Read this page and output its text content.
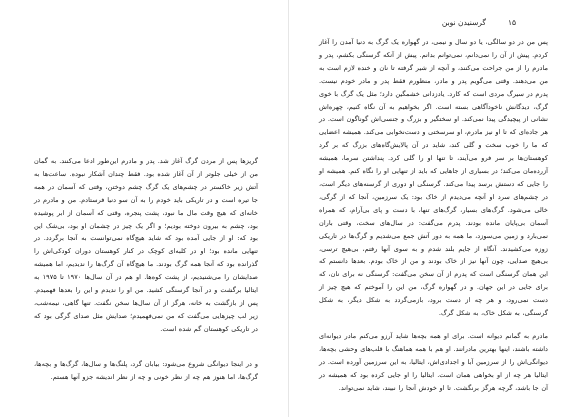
گریزها پس از مردن گرگ آغاز شد. پدر و مادرم این‌طور ادعا می‌کنند. به گمان من از خیلی جلوتر از آن آغاز شده بود. فقط چندان آشکار نبوده. ساعت‌ها به آتش زیر خاکستر در چشم‌های یک گرگ چشم دوختن، وقتی که آسمان در همه جا تیره است و در تاریکی باید خودم را به آن سو دنیا فرستادم. من و مادرم در خانه‌ای که هیچ وقت مال ما نبود، پشت پنجره، وقتی که آسمان از ابر پوشیده بود، چشم به بیرون دوخته بودیم؛ و اگر یک چیز در چشمان او بود، بی‌شک این بود که: او از جایی آمده بود که شاید هیچ‌گاه نمی‌توانست به آنجا برگردد. در تنهایی مانده بود؛ او در کلبه‌ای کوچک در کنار کوهستان دوران کودکی‌اش را گذرانده بود که آنجا همه گرگ بودند. ما هیچ‌گاه آن گرگ‌ها را ندیدیم، اما همیشه صدایشان را می‌شنیدیم، از پشت کوه‌ها. او هم در آن سال‌ها ۱۹۷۰ تا ۱۹۷۵ به ایتالیا برگشت و در آنجا گرسنگی کشید. من او را ندیدم و این را بعدها فهمیدم. پس از بازگشت به خانه، هرگز از آن سال‌ها سخن نگفت. تنها گاهی، نیمه‌شب، زیر لب چیزهایی می‌گفت که من نمی‌فهمیدم؛ صدایش مثل صدای گرگی بود که در تاریکی کوهستان گم شده است.

و در اینجا دیوانگی شروع می‌شود: بیابان گرد، پلنگ‌ها و سال‌ها، گرگ‌ها و بچه‌ها، گرگ‌ها، اما هنوز هم چه از نظر خونی و چه از نظر اندیشه جزو آنها هستم.

گرسنیدن نوبن	۱۵

پس من در دو سالگی، یا دو سال و نیمی، در گهواره یک گرگ به دنیا آمدن را آغاز کردم. پیش از آن را نمی‌دانم، نمی‌توانم بدانم. پیش از آنکه گرسنگی بکشم، پدر و مادرم را از من جراحت می‌کنند، و آنچه از شیر گرفته تا نان و خنده لازم است به من می‌دهند. وقتی می‌گویم پدر و مادر، منظورم فقط پدر و مادر خودم نیست. پدرم در سیرگ مردی است که کارد. یادزدانی خشمگین دارد؛ مثل یک گرگ با خوی گرگ، دیدگانش ناخودآگاهی بسته است. اگر بخواهیم به آن نگاه کنیم، چهره‌اش نشانی از پیچیدگی پیدا نمی‌کند. او سختگیر و بزرگ و جنسی‌اش گوناگون است. در هر جاده‌ای که تا او نیز مادرم، او سرسختی و دست‌نخوابی می‌کند. همیشه اعضایی که ما را خوب سخت و گلی کند، شاید در آن پالایش‌گاه‌های بزرگ که بر گرد کوهستان‌ها بر سر فرو می‌آیند، تا تنها او را گلی کرد. پنداشتن سرما، همیشه آزرده‌مان می‌کند؛ در بسیاری از جاهایی که باید از تنهایی او را نگاه کنم. همیشه او را جایی که دستش برسد پیدا می‌کند. گرسنگی او دوری از گرسنه‌های دیگر است، در چشم‌های سرد او آنچه می‌دیدم از خاک بود: یک سرزمین، آنجا که از گرگی، خالی می‌شود. گرگ‌های بسیار، گرگ‌های تنها، با دست و پای بی‌آرام، که همراه آسمان بی‌پایان مانده بودند. پدرم می‌گفت: در سال‌های سخت، وقتی باران نمی‌بارد و زمین می‌سوزد، ما همه به دور آتش جمع می‌شدیم و گرگ‌ها در تاریکی زوزه می‌کشیدند. آنگاه از جایم بلند شدم و به سوی آنها رفتم، بی‌هیچ ترسی، بی‌هیچ صدایی، چون آنها نیز از خاک بودند و من از خاک بودم. بعدها دانستم که این همان گرسنگی است که پدرم از آن سخن می‌گفت: گرسنگی نه برای نان، که برای جایی در این جهان. و در گهواره گرگ، من این را آموختم که هیچ چیز از دست نمی‌رود، و هر چه از دست برود، بازمی‌گردد به شکل دیگر، به شکل گرسنگی، به شکل خاک، به شکل گرگ.

مادرم به گمانم دیوانه است. برای او همه بچه‌ها شاید آرزو می‌کنم مادر دیوانه‌ای داشته باشند، اینها بهترین مادرانند. او هم با همه هماهنگ با قلب‌های وحشی بچه‌ها، دیوانگی‌اش را از سرزمین آبا و اجدادی‌اش، ایتالیا، به این سرزمین آورده است. در ایتالیا هر چه از او بخواهی همان است. ایتالیا را او جایی کرده بود که همیشه در آن جا باشد، گرچه هرگز برنگشت. تا او خودش آنجا را نبیند، شاید نمی‌تواند.
